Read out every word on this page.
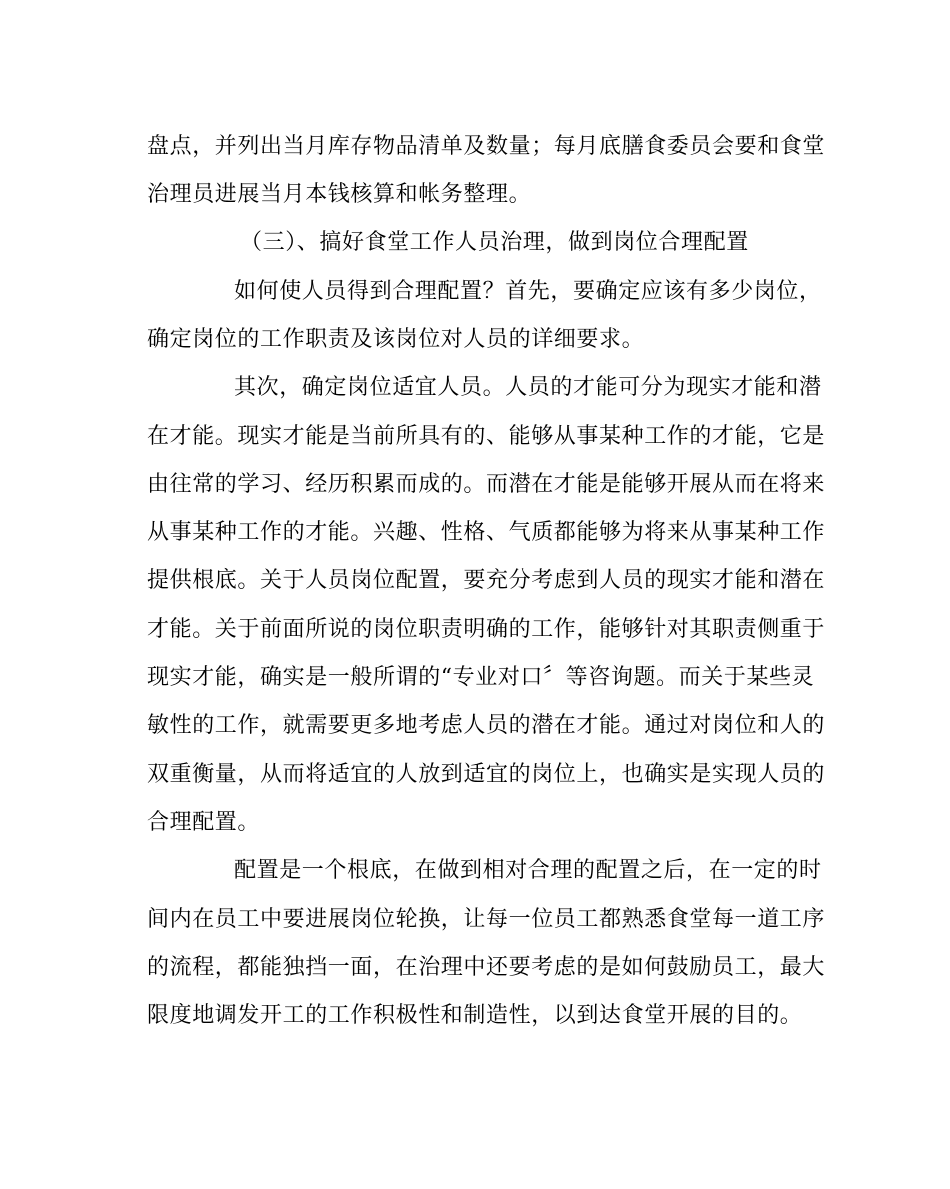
盘点，并列出当月库存物品清单及数量；每月底膳食委员会要和食堂
治理员进展当月本钱核算和帐务整理。
（三）、搞好食堂工作人员治理，做到岗位合理配置
如何使人员得到合理配置？首先，要确定应该有多少岗位，
确定岗位的工作职责及该岗位对人员的详细要求。
其次，确定岗位适宜人员。人员的才能可分为现实才能和潜
在才能。现实才能是当前所具有的、能够从事某种工作的才能，它是
由往常的学习、经历积累而成的。而潜在才能是能够开展从而在将来
从事某种工作的才能。兴趣、性格、气质都能够为将来从事某种工作
提供根底。关于人员岗位配置，要充分考虑到人员的现实才能和潜在
才能。关于前面所说的岗位职责明确的工作，能够针对其职责侧重于
现实才能，确实是一般所谓的“专业对口〞等咨询题。而关于某些灵
敏性的工作，就需要更多地考虑人员的潜在才能。通过对岗位和人的
双重衡量，从而将适宜的人放到适宜的岗位上，也确实是实现人员的
合理配置。
配置是一个根底，在做到相对合理的配置之后，在一定的时
间内在员工中要进展岗位轮换，让每一位员工都熟悉食堂每一道工序
的流程，都能独挡一面，在治理中还要考虑的是如何鼓励员工，最大
限度地调发开工的工作积极性和制造性，以到达食堂开展的目的。
